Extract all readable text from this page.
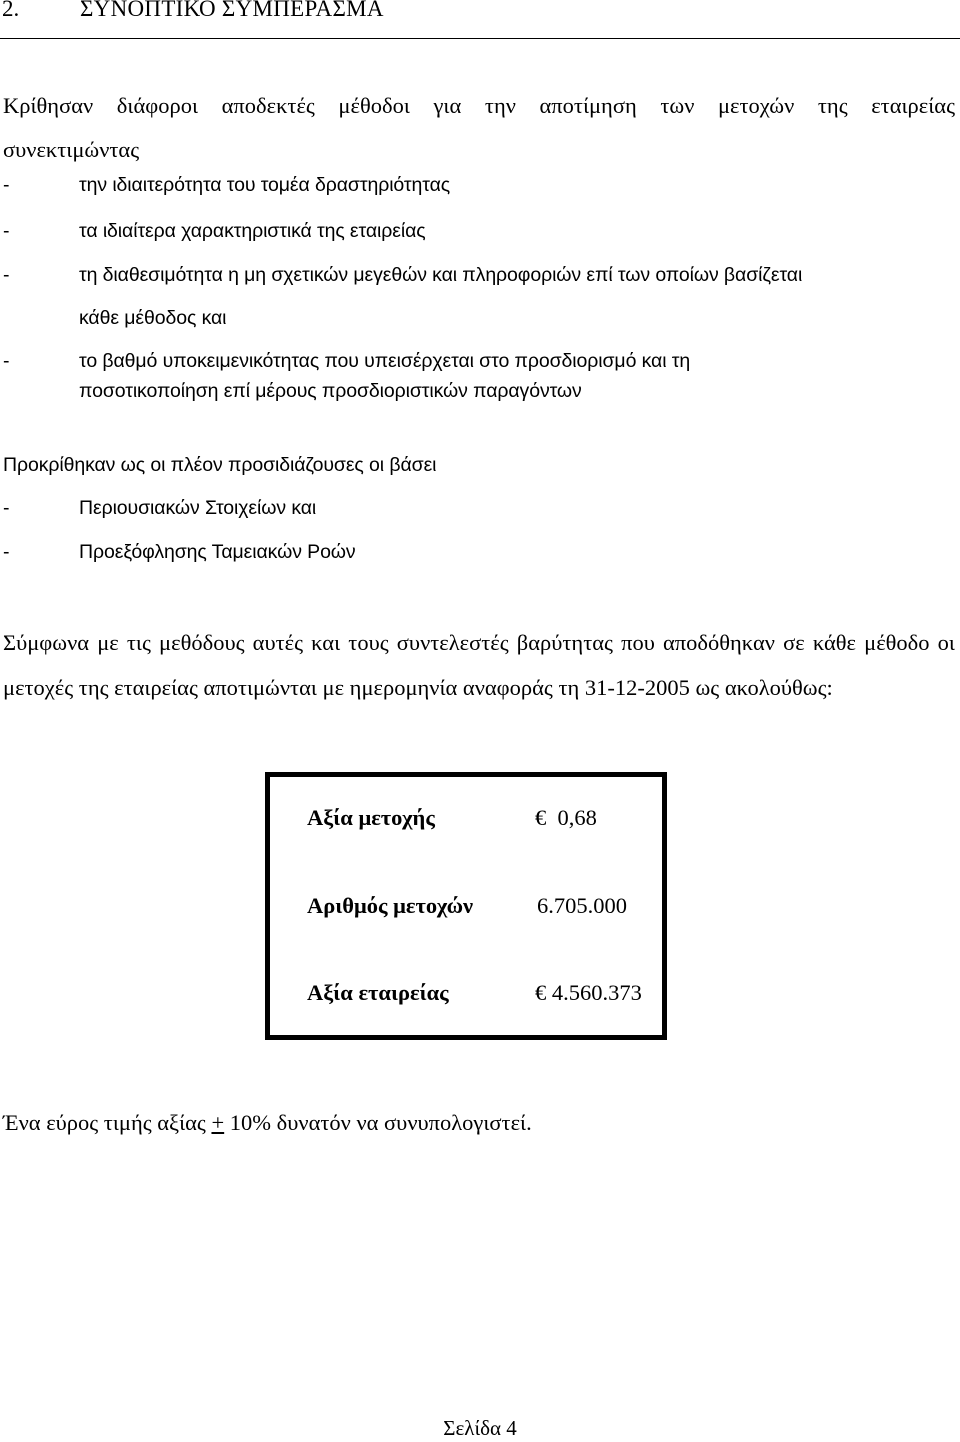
2.	ΣΥΝΟΠΤΙΚΟ ΣΥΜΠΕΡΑΣΜΑ
Κρίθησαν διάφοροι αποδεκτές μέθοδοι για την αποτίμηση των μετοχών της εταιρείας συνεκτιμώντας
-	την ιδιαιτερότητα του τομέα δραστηριότητας
-	τα ιδιαίτερα χαρακτηριστικά της εταιρείας
-	τη διαθεσιμότητα η μη σχετικών μεγεθών και πληροφοριών επί των οποίων βασίζεται
κάθε μέθοδος και
-	το βαθμό υποκειμενικότητας που υπεισέρχεται στο προσδιορισμό και τη
ποσοτικοποίηση επί μέρους προσδιοριστικών παραγόντων
Προκρίθηκαν ως οι πλέον προσιδιάζουσες οι βάσει
-	Περιουσιακών Στοιχείων και
-	Προεξόφλησης Ταμειακών Ροών
Σύμφωνα με τις μεθόδους αυτές και τους συντελεστές βαρύτητας που αποδόθηκαν σε κάθε μέθοδο οι μετοχές της εταιρείας αποτιμώνται με ημερομηνία αναφοράς τη 31-12-2005 ως ακολούθως:
Αξία μετοχής	€  0,68
Αριθμός μετοχών	6.705.000
Αξία εταιρείας	€ 4.560.373
Ένα εύρος τιμής αξίας + 10% δυνατόν να συνυπολογιστεί.
Σελίδα 4
